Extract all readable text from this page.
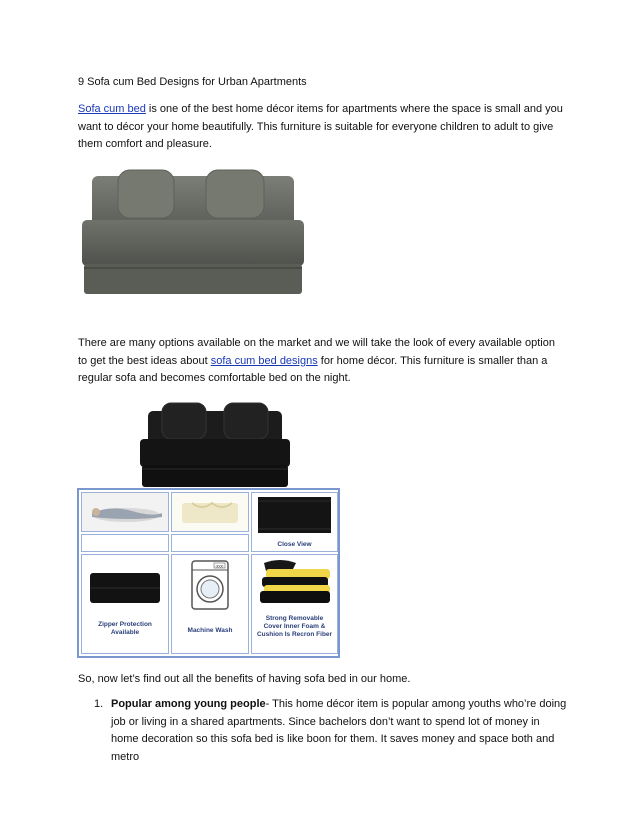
9 Sofa cum Bed Designs for Urban Apartments

Sofa cum bed is one of the best home décor items for apartments where the space is small and you want to décor your home beautifully. This furniture is suitable for everyone children to adult to give them comfort and pleasure.

There are many options available on the market and we will take the look of every available option to get the best ideas about sofa cum bed designs for home décor. This furniture is smaller than a regular sofa and becomes comfortable bed on the night.

Close View
Zipper Protection
Available
0000
Machine Wash
Strong Removable
Cover Inner Foam &
Cushion Is Recron Fiber

So, now let’s find out all the benefits of having sofa bed in our home.

1. Popular among young people- This home décor item is popular among youths who’re doing job or living in a shared apartments. Since bachelors don’t want to spend lot of money in home decoration so this sofa bed is like boon for them. It saves money and space both and metro
